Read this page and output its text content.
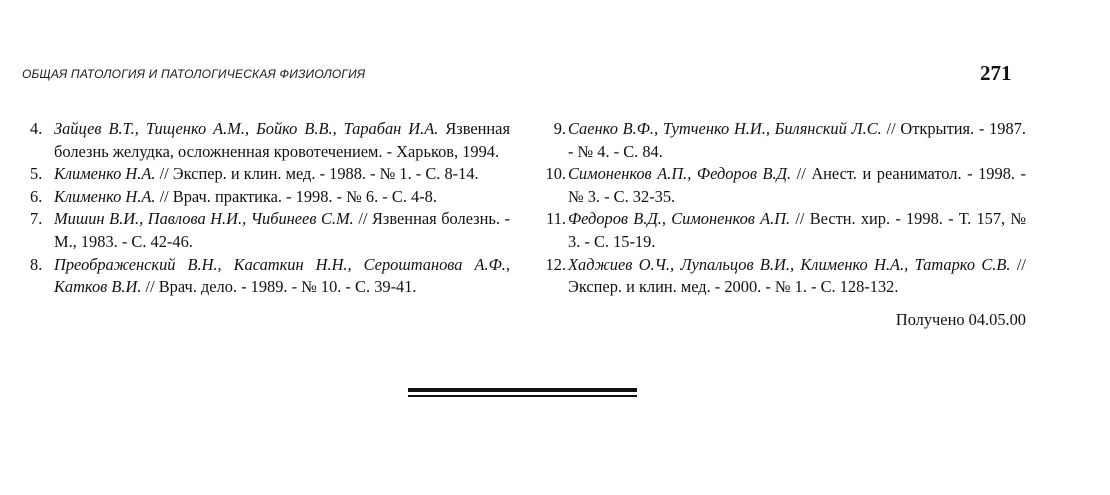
ОБЩАЯ ПАТОЛОГИЯ И ПАТОЛОГИЧЕСКАЯ ФИЗИОЛОГИЯ	271
4. Зайцев В.Т., Тищенко А.М., Бойко В.В., Тарабан И.А. Язвенная болезнь желудка, осложненная кровотечением. - Харьков, 1994.
5. Клименко Н.А. // Экспер. и клин. мед. - 1988. - № 1. - С. 8-14.
6. Клименко Н.А. // Врач. практика. - 1998. - № 6. - С. 4-8.
7. Мишин В.И., Павлова Н.И., Чибинеев С.М. // Язвенная болезнь. - М., 1983. - С. 42-46.
8. Преображенский В.Н., Касаткин Н.Н., Сероштанова А.Ф., Катков В.И. // Врач. дело. - 1989. - № 10. - С. 39-41.
9. Саенко В.Ф., Тутченко Н.И., Билянский Л.С. // Открытия. - 1987. - № 4. - С. 84.
10. Симоненков А.П., Федоров В.Д. // Анест. и реаниматол. - 1998. - № 3. - С. 32-35.
11. Федоров В.Д., Симоненков А.П. // Вестн. хир. - 1998. - Т. 157, № 3. - С. 15-19.
12. Хаджиев О.Ч., Лупальцов В.И., Клименко Н.А., Татарко С.В. // Экспер. и клин. мед. - 2000. - № 1. - С. 128-132.
Получено 04.05.00
